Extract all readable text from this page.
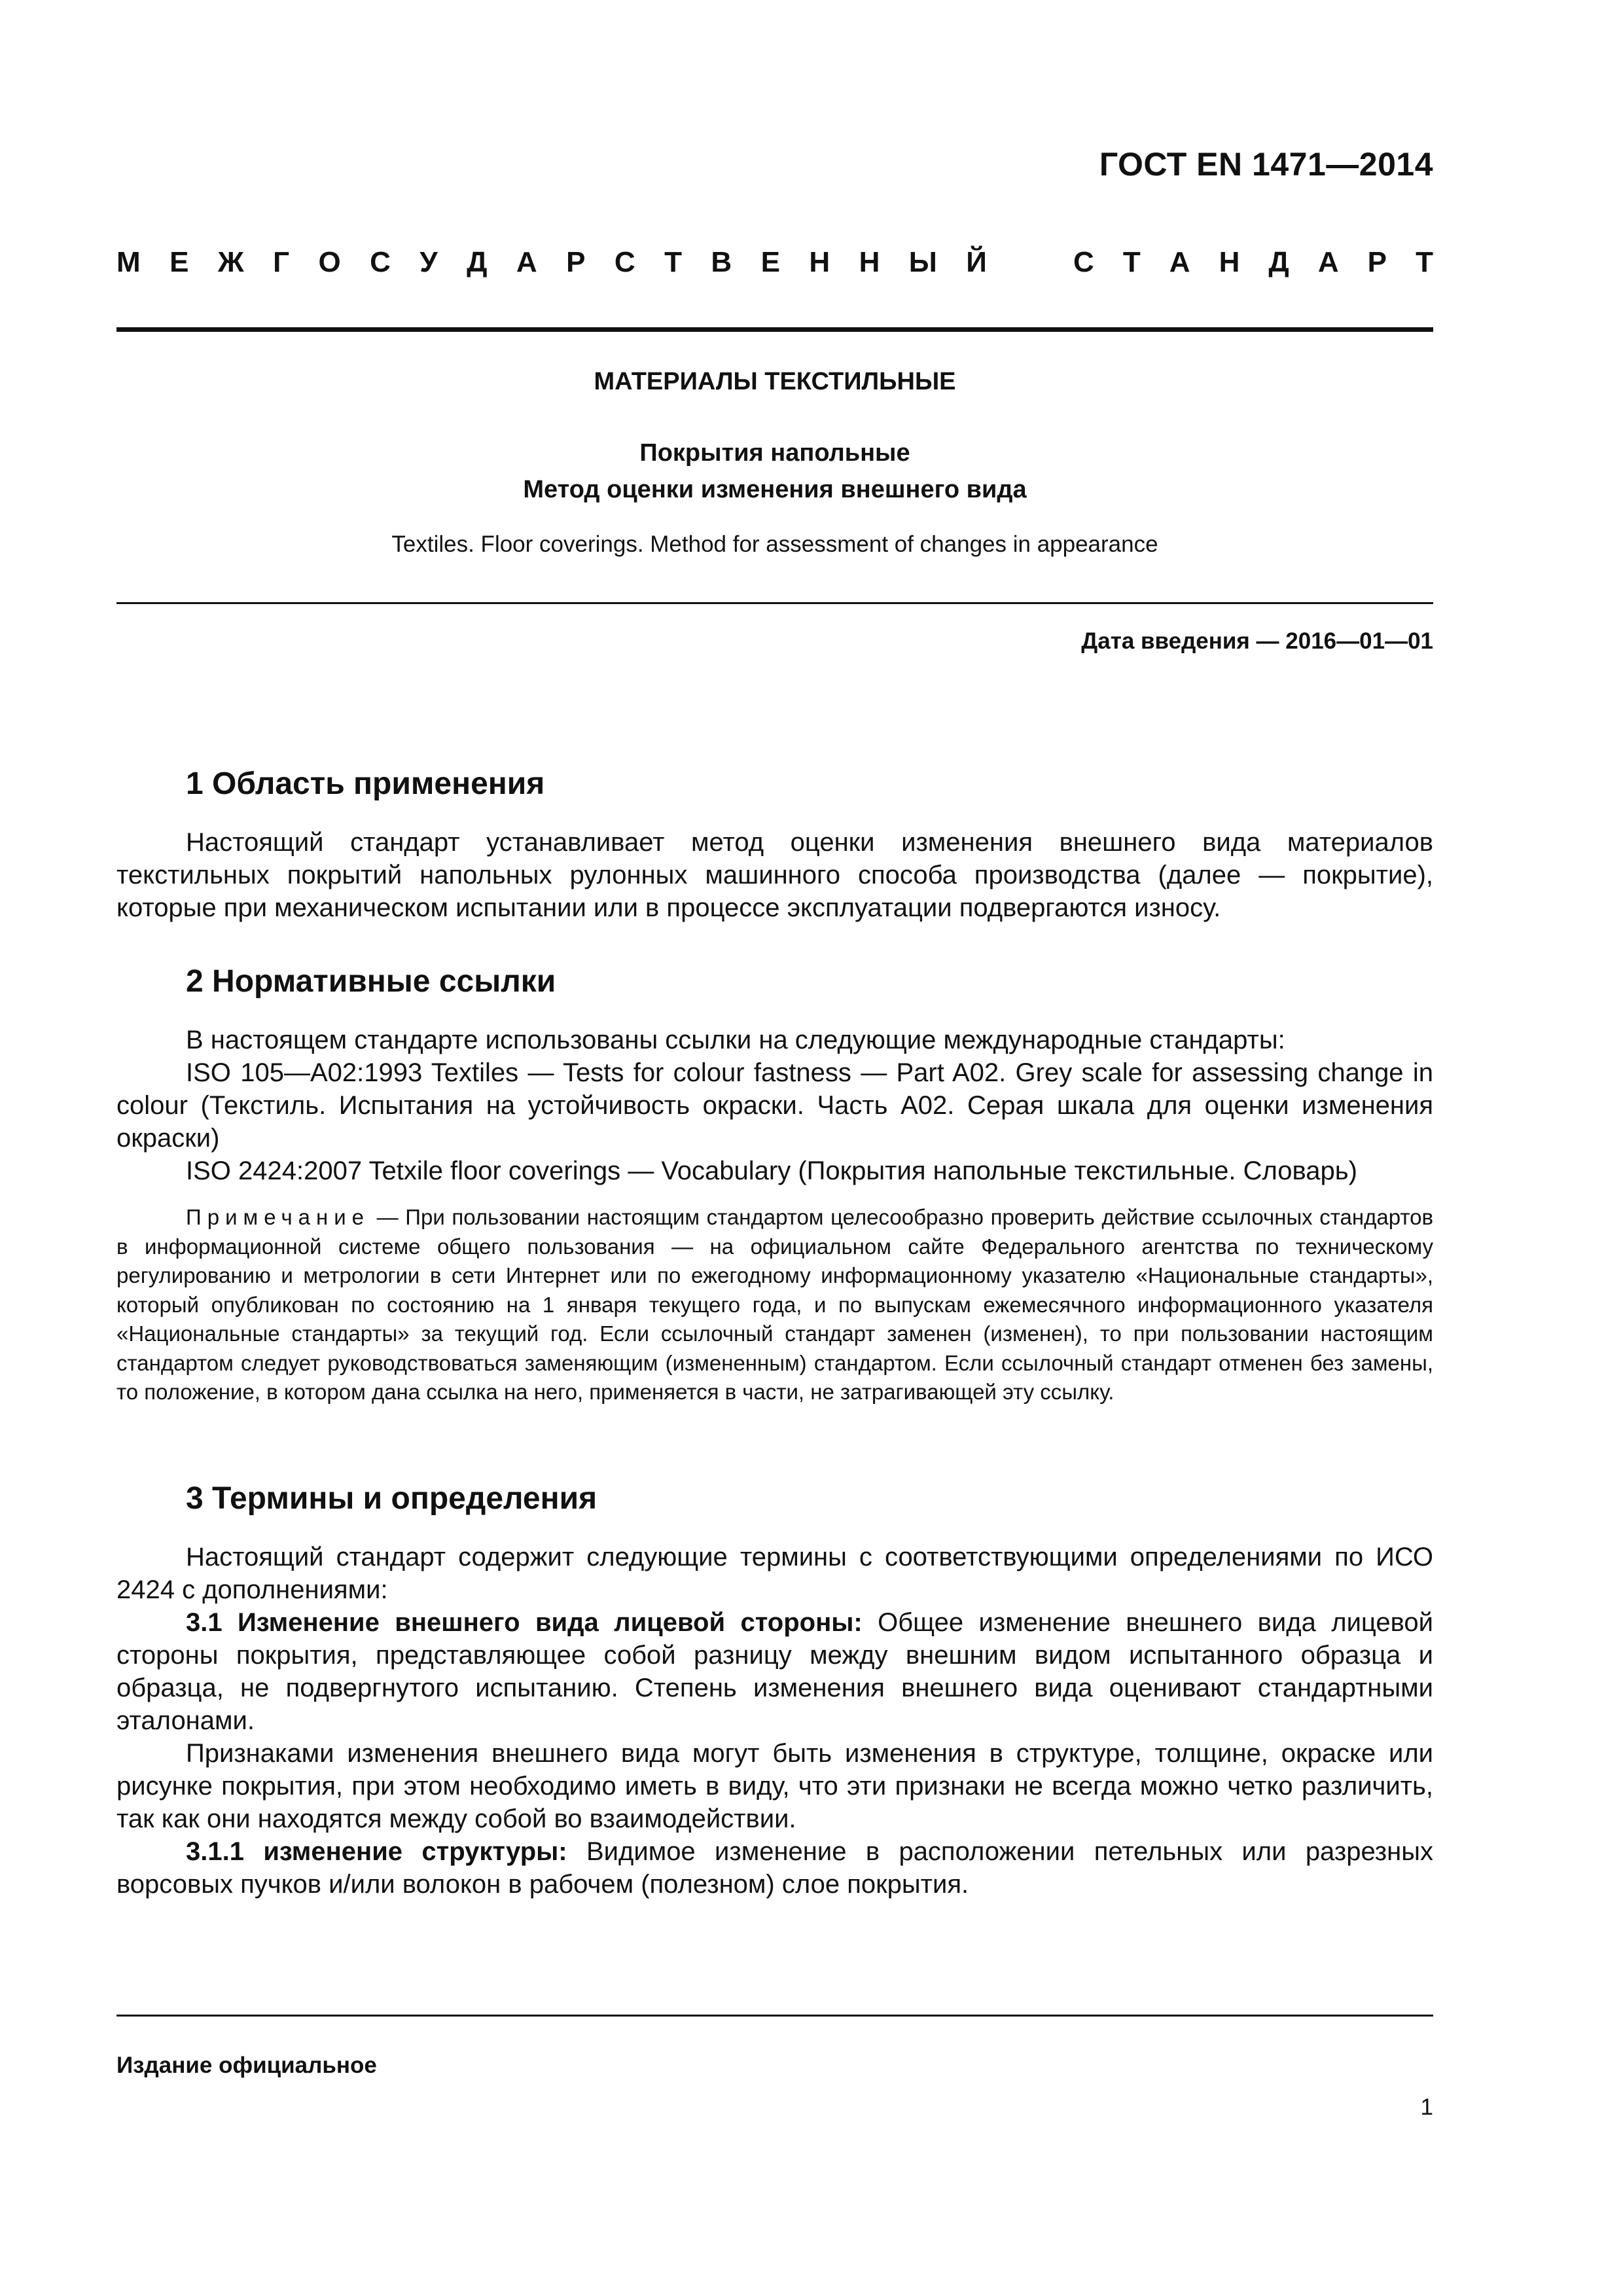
ГОСТ EN 1471—2014
М Е Ж Г О С У Д А Р С Т В Е Н Н Ы Й	С Т А Н Д А Р Т
МАТЕРИАЛЫ ТЕКСТИЛЬНЫЕ
Покрытия напольные
Метод оценки изменения внешнего вида
Textiles. Floor coverings. Method for assessment of changes in appearance
Дата введения — 2016—01—01
1 Область применения

Настоящий стандарт устанавливает метод оценки изменения внешнего вида материалов текстильных покрытий напольных рулонных машинного способа производства (далее — покрытие), которые при механическом испытании или в процессе эксплуатации подвергаются износу.

2 Нормативные ссылки

В настоящем стандарте использованы ссылки на следующие международные стандарты:

ISO 105—A02:1993 Textiles — Tests for colour fastness — Part A02. Grey scale for assessing change in colour (Текстиль. Испытания на устойчивость окраски. Часть А02. Серая шкала для оценки изменения окраски)

ISO 2424:2007 Tetxile floor coverings — Vocabulary (Покрытия напольные текстильные. Словарь)

Примечание — При пользовании настоящим стандартом целесообразно проверить действие ссылочных стандартов в информационной системе общего пользования — на официальном сайте Федерального агентства по техническому регулированию и метрологии в сети Интернет или по ежегодному информационному указателю «Национальные стандарты», который опубликован по состоянию на 1 января текущего года, и по выпускам ежемесячного информационного указателя «Национальные стандарты» за текущий год. Если ссылочный стандарт заменен (изменен), то при пользовании настоящим стандартом следует руководствоваться заменяющим (измененным) стандартом. Если ссылочный стандарт отменен без замены, то положение, в котором дана ссылка на него, применяется в части, не затрагивающей эту ссылку.
3 Термины и определения

Настоящий стандарт содержит следующие термины с соответствующими определениями по ИСО 2424 с дополнениями:

3.1 Изменение внешнего вида лицевой стороны: Общее изменение внешнего вида лицевой стороны покрытия, представляющее собой разницу между внешним видом испытанного образца и образца, не подвергнутого испытанию. Степень изменения внешнего вида оценивают стандартными эталонами.

Признаками изменения внешнего вида могут быть изменения в структуре, толщине, окраске или рисунке покрытия, при этом необходимо иметь в виду, что эти признаки не всегда можно четко различить, так как они находятся между собой во взаимодействии.

3.1.1 изменение структуры: Видимое изменение в расположении петельных или разрезных ворсовых пучков и/или волокон в рабочем (полезном) слое покрытия.

Издание официальное
1
